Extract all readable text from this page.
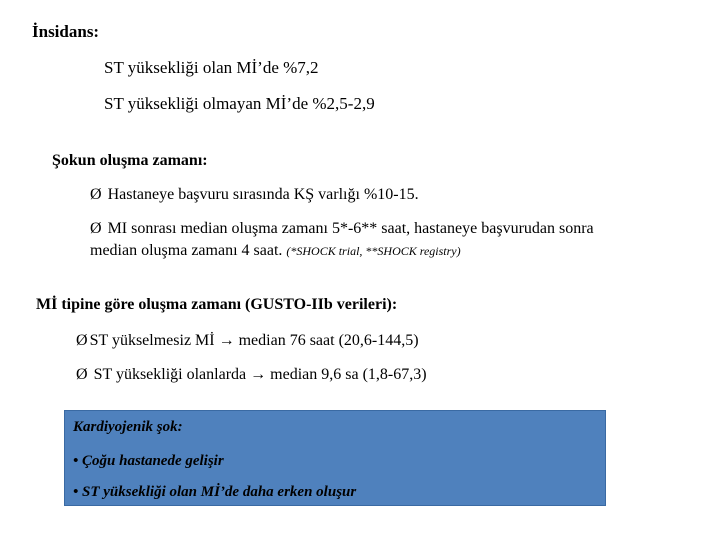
İnsidans:
ST yüksekliği olan Mİ’de %7,2
ST yüksekliği olmayan Mİ’de %2,5-2,9
Şokun oluşma zamanı:
Ø Hastaneye başvuru sırasında KŞ varlığı %10-15.
Ø MI sonrası median oluşma zamanı 5*-6** saat, hastaneye başvurudan sonra
median oluşma zamanı 4 saat. (*SHOCK trial, **SHOCK registry)
Mİ tipine göre oluşma zamanı (GUSTO-IIb verileri):
Ø ST yükselmesiz Mİ → median 76 saat (20,6-144,5)
Ø ST yüksekliği olanlarda → median 9,6 sa (1,8-67,3)
Kardiyojenik şok:
• Çoğu hastanede gelişir
• ST yüksekliği olan Mİ’de daha erken oluşur
